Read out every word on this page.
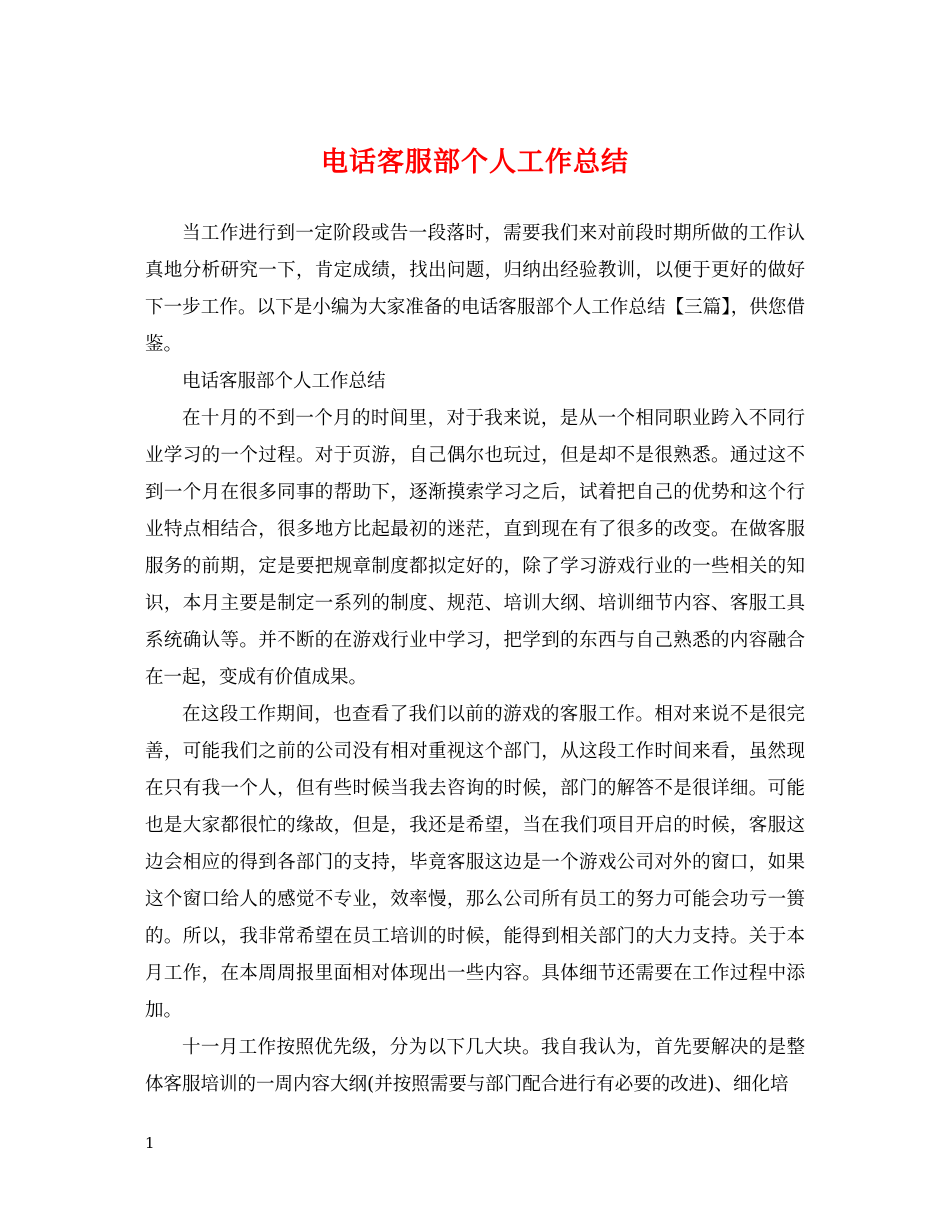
电话客服部个人工作总结

当工作进行到一定阶段或告一段落时，需要我们来对前段时期所做的工作认真地分析研究一下，肯定成绩，找出问题，归纳出经验教训，以便于更好的做好下一步工作。以下是小编为大家准备的电话客服部个人工作总结【三篇】，供您借鉴。

电话客服部个人工作总结

在十月的不到一个月的时间里，对于我来说，是从一个相同职业跨入不同行业学习的一个过程。对于页游，自己偶尔也玩过，但是却不是很熟悉。通过这不到一个月在很多同事的帮助下，逐渐摸索学习之后，试着把自己的优势和这个行业特点相结合，很多地方比起最初的迷茫，直到现在有了很多的改变。在做客服服务的前期，定是要把规章制度都拟定好的，除了学习游戏行业的一些相关的知识，本月主要是制定一系列的制度、规范、培训大纲、培训细节内容、客服工具系统确认等。并不断的在游戏行业中学习，把学到的东西与自己熟悉的内容融合在一起，变成有价值成果。

在这段工作期间，也查看了我们以前的游戏的客服工作。相对来说不是很完善，可能我们之前的公司没有相对重视这个部门，从这段工作时间来看，虽然现在只有我一个人，但有些时候当我去咨询的时候，部门的解答不是很详细。可能也是大家都很忙的缘故，但是，我还是希望，当在我们项目开启的时候，客服这边会相应的得到各部门的支持，毕竟客服这边是一个游戏公司对外的窗口，如果这个窗口给人的感觉不专业，效率慢，那么公司所有员工的努力可能会功亏一篑的。所以，我非常希望在员工培训的时候，能得到相关部门的大力支持。关于本月工作，在本周周报里面相对体现出一些内容。具体细节还需要在工作过程中添加。

十一月工作按照优先级，分为以下几大块。我自我认为，首先要解决的是整体客服培训的一周内容大纲(并按照需要与部门配合进行有必要的改进)、细化培

1
